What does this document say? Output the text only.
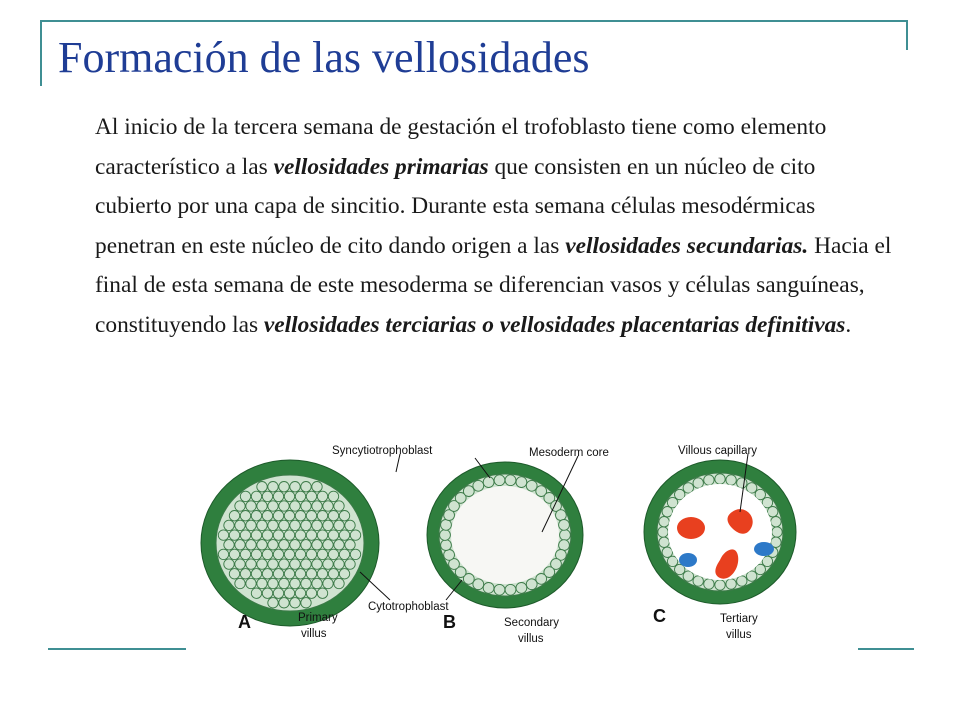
Formación de las vellosidades

Al inicio de la tercera semana de gestación el trofoblasto tiene como elemento característico a las vellosidades primarias que consisten en un núcleo de cito cubierto por una capa de sincitio. Durante esta semana células mesodérmicas penetran en este núcleo de cito dando origen a las vellosidades secundarias. Hacia el final de esta semana de este mesoderma se diferencian vasos y células sanguíneas, constituyendo las vellosidades terciarias o vellosidades placentarias definitivas.

Syncytiotrophoblast	Mesoderm core	Villous capillary
Cytotrophoblast
A	B	C
Primary
villus
Secondary
villus
Tertiary
villus
